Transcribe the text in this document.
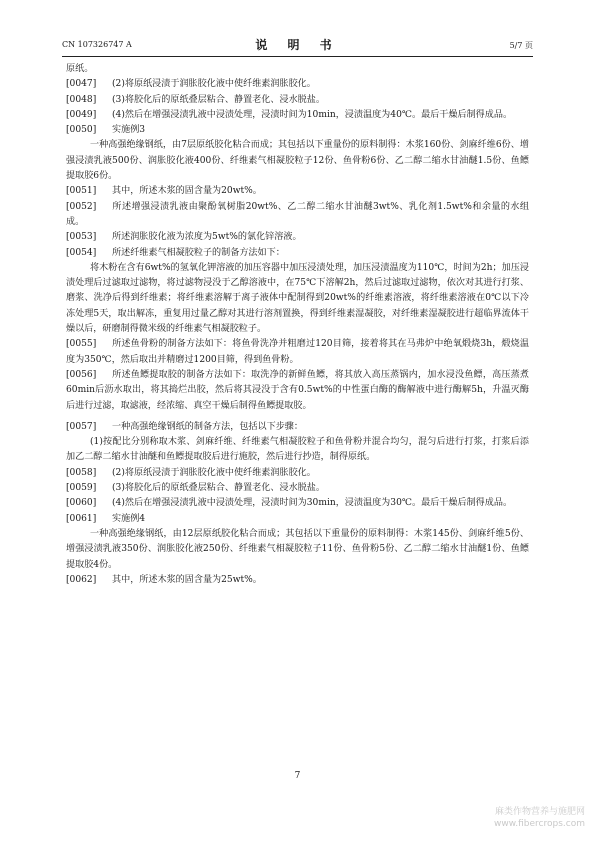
CN 107326747 A	说 明 书	5/7 页

原纸。

[0047] (2)将原纸浸渍于润胀胶化液中使纤维素润胀胶化。

[0048] (3)将胶化后的原纸叠层粘合、静置老化、浸水脱盐。

[0049] (4)然后在增强浸渍乳液中浸渍处理，浸渍时间为10min，浸渍温度为40℃。最后干燥后制得成品。

[0050] 实施例3

一种高强绝缘钢纸，由7层原纸胶化粘合而成；其包括以下重量份的原料制得：木浆160份、剑麻纤维6份、增强浸渍乳液500份、润胀胶化液400份、纤维素气相凝胶粒子12份、鱼骨粉6份、乙二醇二缩水甘油醚1.5份、鱼鳔提取胶6份。

[0051] 其中，所述木浆的固含量为20wt%。

[0052] 所述增强浸渍乳液由聚酚氧树脂20wt%、乙二醇二缩水甘油醚3wt%、乳化剂1.5wt%和余量的水组成。

[0053] 所述润胀胶化液为浓度为5wt%的氯化锌溶液。

[0054] 所述纤维素气相凝胶粒子的制备方法如下：

将木粉在含有6wt%的氢氧化钾溶液的加压容器中加压浸渍处理，加压浸渍温度为110℃，时间为2h；加压浸渍处理后过滤取过滤物，将过滤物浸没于乙醇溶液中，在75℃下溶解2h，然后过滤取过滤物，依次对其进行打浆、磨浆、洗净后得到纤维素；将纤维素溶解于离子液体中配制得到20wt%的纤维素溶液，将纤维素溶液在0℃以下冷冻处理5天，取出解冻，重复用过量乙醇对其进行溶剂置换，得到纤维素湿凝胶，对纤维素湿凝胶进行超临界流体干燥以后，研磨制得微米级的纤维素气相凝胶粒子。

[0055] 所述鱼骨粉的制备方法如下：将鱼骨洗净并粗磨过120目筛，接着将其在马弗炉中绝氧煅烧3h，煅烧温度为350℃，然后取出并精磨过1200目筛，得到鱼骨粉。

[0056] 所述鱼鳔提取胶的制备方法如下：取洗净的新鲜鱼鳔，将其放入高压蒸锅内，加水浸没鱼鳔，高压蒸煮60min后沥水取出，将其捣烂出胶，然后将其浸没于含有0.5wt%的中性蛋白酶的酶解液中进行酶解5h，升温灭酶后进行过滤，取滤液，经浓缩、真空干燥后制得鱼鳔提取胶。

[0057] 一种高强绝缘钢纸的制备方法，包括以下步骤：

(1)按配比分别称取木浆、剑麻纤维、纤维素气相凝胶粒子和鱼骨粉并混合均匀，混匀后进行打浆，打浆后添加乙二醇二缩水甘油醚和鱼鳔提取胶后进行施胶，然后进行抄造，制得原纸。

[0058] (2)将原纸浸渍于润胀胶化液中使纤维素润胀胶化。

[0059] (3)将胶化后的原纸叠层粘合、静置老化、浸水脱盐。

[0060] (4)然后在增强浸渍乳液中浸渍处理，浸渍时间为30min，浸渍温度为30℃。最后干燥后制得成品。

[0061] 实施例4

一种高强绝缘钢纸，由12层原纸胶化粘合而成；其包括以下重量份的原料制得：木浆145份、剑麻纤维5份、增强浸渍乳液350份、润胀胶化液250份、纤维素气相凝胶粒子11份、鱼骨粉5份、乙二醇二缩水甘油醚1份、鱼鳔提取胶4份。

[0062] 其中，所述木浆的固含量为25wt%。

7
麻类作物营养与施肥网
www.fibercrops.com
